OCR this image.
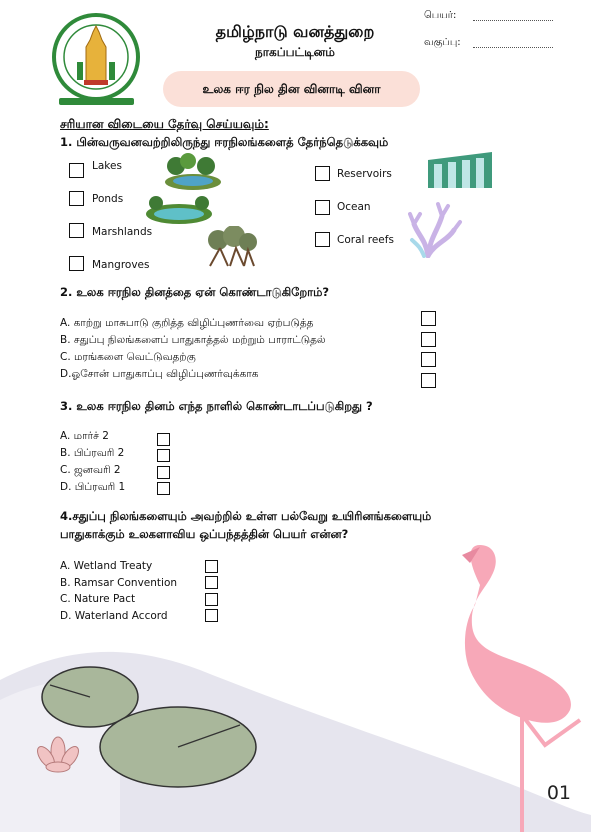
தமிழ்நாடு வனத்துறை
நாகப்பட்டினம்
பெயர்:
வகுப்பு:
உலக ஈர நில தின வினாடி வினா
சரியான விடையை தேர்வு செய்யவும்:
1. பின்வருவனவற்றிலிருந்து ஈரநிலங்களைத் தேர்ந்தெடுக்கவும்
Lakes
Ponds
Marshlands
Mangroves
Reservoirs
Ocean
Coral reefs
2. உலக ஈரநில தினத்தை ஏன் கொண்டாடுகிறோம்?
A. காற்று மாசுபாடு குறித்த விழிப்புணர்வை ஏற்படுத்த
B. சதுப்பு நிலங்களைப் பாதுகாத்தல் மற்றும் பாராட்டுதல்
C. மரங்களை வெட்டுவதற்கு
D.ஓசோன் பாதுகாப்பு விழிப்புணர்வுக்காக
3. உலக ஈரநில தினம் எந்த நாளில் கொண்டாடப்படுகிறது ?
A. மார்ச் 2
B. பிப்ரவரி 2
C. ஜனவரி 2
D. பிப்ரவரி 1
4.சதுப்பு நிலங்களையும் அவற்றில் உள்ள பல்வேறு உயிரினங்களையும்
பாதுகாக்கும் உலகளாவிய ஒப்பந்தத்தின் பெயர் என்ன?
A. Wetland Treaty
B. Ramsar Convention
C. Nature Pact
D. Waterland Accord
01
